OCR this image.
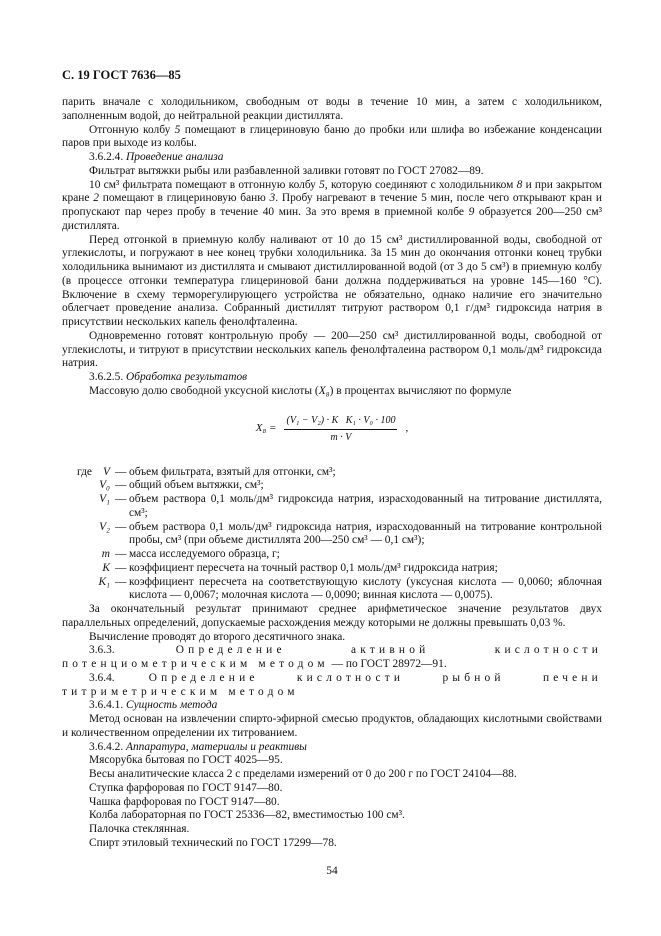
С. 19 ГОСТ 7636—85

парить вначале с холодильником, свободным от воды в течение 10 мин, а затем с холодильником, заполненным водой, до нейтральной реакции дистиллята.

Отгонную колбу 5 помещают в глицериновую баню до пробки или шлифа во избежание конденсации паров при выходе из колбы.

3.6.2.4. Проведение анализа

Фильтрат вытяжки рыбы или разбавленной заливки готовят по ГОСТ 27082—89.

10 см³ фильтрата помещают в отгонную колбу 5, которую соединяют с холодильником 8 и при закрытом кране 2 помещают в глицериновую баню 3. Пробу нагревают в течение 5 мин, после чего открывают кран и пропускают пар через пробу в течение 40 мин. За это время в приемной колбе 9 образуется 200—250 см³ дистиллята.

Перед отгонкой в приемную колбу наливают от 10 до 15 см³ дистиллированной воды, свободной от углекислоты, и погружают в нее конец трубки холодильника. За 15 мин до окончания отгонки конец трубки холодильника вынимают из дистиллята и смывают дистиллированной водой (от 3 до 5 см³) в приемную колбу (в процессе отгонки температура глицериновой бани должна поддерживаться на уровне 145—160 °С). Включение в схему терморегулирующего устройства не обязательно, однако наличие его значительно облегчает проведение анализа. Собранный дистиллят титруют раствором 0,1 г/дм³ гидроксида натрия в присутствии нескольких капель фенолфталеина.

Одновременно готовят контрольную пробу — 200—250 см³ дистиллированной воды, свободной от углекислоты, и титруют в присутствии нескольких капель фенолфталеина раствором 0,1 моль/дм³ гидроксида натрия.

3.6.2.5. Обработка результатов

Массовую долю свободной уксусной кислоты (X₈) в процентах вычисляют по формуле

$X_8 = \frac{\text{(V₁ − V₂) · K   K₁ · V₀ · 100}}{m \cdot V}$ ,
где V — объем фильтрата, взятый для отгонки, см³;
V₀ — общий объем вытяжки, см³;
V₁ — объем раствора 0,1 моль/дм³ гидроксида натрия, израсходованный на титрование дистиллята, см³;
V₂ — объем раствора 0,1 моль/дм³ гидроксида натрия, израсходованный на титрование контрольной пробы, см³ (при объеме дистиллята 200—250 см³ — 0,1 см³);
m — масса исследуемого образца, г;
K — коэффициент пересчета на точный раствор 0,1 моль/дм³ гидроксида натрия;
K₁ — коэффициент пересчета на соответствующую кислоту (уксусная кислота — 0,0060; яблочная кислота — 0,0067; молочная кислота — 0,0090; винная кислота — 0,0075).

За окончательный результат принимают среднее арифметическое значение результатов двух параллельных определений, допускаемые расхождения между которыми не должны превышать 0,03 %.

Вычисление проводят до второго десятичного знака.

3.6.3. Определение активной кислотности потенциометрическим методом — по ГОСТ 28972—91.

3.6.4. Определение кислотности рыбной печени титриметрическим методом

3.6.4.1. Сущность метода

Метод основан на извлечении спирто-эфирной смесью продуктов, обладающих кислотными свойствами и количественном определении их титрованием.

3.6.4.2. Аппаратура, материалы и реактивы

Мясорубка бытовая по ГОСТ 4025—95.

Весы аналитические класса 2 с пределами измерений от 0 до 200 г по ГОСТ 24104—88.

Ступка фарфоровая по ГОСТ 9147—80.

Чашка фарфоровая по ГОСТ 9147—80.

Колба лабораторная по ГОСТ 25336—82, вместимостью 100 см³.

Палочка стеклянная.

Спирт этиловый технический по ГОСТ 17299—78.

54
